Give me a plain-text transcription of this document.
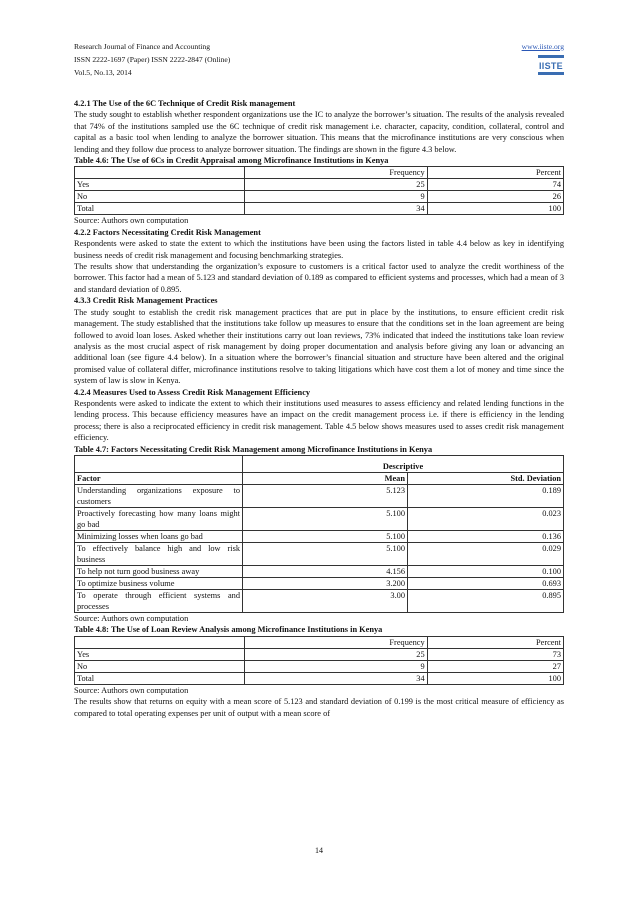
Research Journal of Finance and Accounting
ISSN 2222-1697 (Paper) ISSN 2222-2847 (Online)
Vol.5, No.13, 2014
www.iiste.org
IISTE

4.2.1 The Use of the 6C Technique of Credit Risk management

The study sought to establish whether respondent organizations use the IC to analyze the borrower’s situation. The results of the analysis revealed that 74% of the institutions sampled use the 6C technique of credit risk management i.e. character, capacity, condition, collateral, control and capital as a basic tool when lending to analyze the borrower situation. This means that the microfinance institutions are very conscious when lending and they follow due process to analyze borrower situation. The findings are shown in the figure 4.3 below.

Table 4.6: The Use of 6Cs in Credit Appraisal among Microfinance Institutions in Kenya

	Frequency	Percent
Yes	25	74
No	9	26
Total	34	100

Source: Authors own computation

4.2.2 Factors Necessitating Credit Risk Management

Respondents were asked to state the extent to which the institutions have been using the factors listed in table 4.4 below as key in identifying business needs of credit risk management and focusing benchmarking strategies.

The results show that understanding the organization’s exposure to customers is a critical factor used to analyze the credit worthiness of the borrower. This factor had a mean of 5.123 and standard deviation of 0.189 as compared to efficient systems and processes, which had a mean of 3 and standard deviation of 0.895.

4.3.3 Credit Risk Management Practices

The study sought to establish the credit risk management practices that are put in place by the institutions, to ensure efficient credit risk management. The study established that the institutions take follow up measures to ensure that the conditions set in the loan agreement are being followed to avoid loan loses. Asked whether their institutions carry out loan reviews, 73% indicated that indeed the institutions take loan review analysis as the most crucial aspect of risk management by doing proper documentation and analysis before giving any loan or advancing an additional loan (see figure 4.4 below). In a situation where the borrower’s financial situation and structure have been altered and the original promised value of collateral differ, microfinance institutions resolve to taking litigations which have cost them a lot of money and time since the system of law is slow in Kenya.

4.2.4 Measures Used to Assess Credit Risk Management Efficiency

Respondents were asked to indicate the extent to which their institutions used measures to assess efficiency and related lending functions in the lending process. This because efficiency measures have an impact on the credit management process i.e. if there is efficiency in the lending process; there is also a reciprocated efficiency in credit risk management. Table 4.5 below shows measures used to asses credit risk management efficiency.

Table 4.7: Factors Necessitating Credit Risk Management among Microfinance Institutions in Kenya

	Descriptive	
Factor	Mean	Std. Deviation
Understanding organizations exposure to customers	5.123	0.189
Proactively forecasting how many loans might go bad	5.100	0.023
Minimizing losses when loans go bad	5.100	0.136
To effectively balance high and low risk business	5.100	0.029
To help not turn good business away	4.156	0.100
To optimize business volume	3.200	0.693
To operate through efficient systems and processes	3.00	0.895

Source: Authors own computation

Table 4.8: The Use of Loan Review Analysis among Microfinance Institutions in Kenya

	Frequency	Percent
Yes	25	73
No	9	27
Total	34	100

Source: Authors own computation

The results show that returns on equity with a mean score of 5.123 and standard deviation of 0.199 is the most critical measure of efficiency as compared to total operating expenses per unit of output with a mean score of

14
